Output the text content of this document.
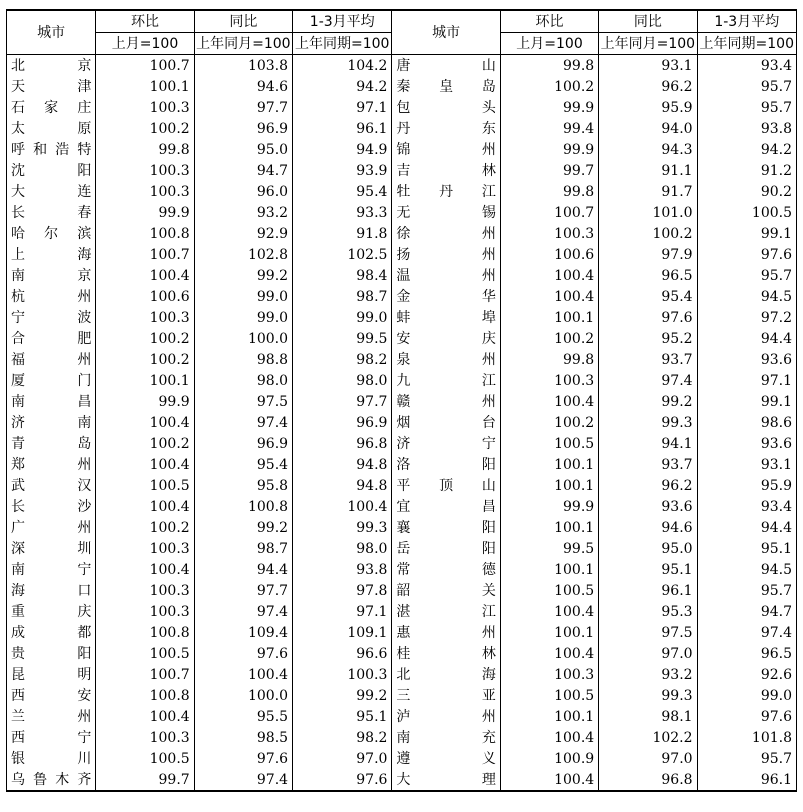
城市	环比	同比	1-3月平均	城市	环比	同比	1-3月平均
	上月=100	上年同月=100	上年同期=100		上月=100	上年同月=100	上年同期=100

北　京	100.7	103.8	104.2	唐　山	99.8	93.1	93.4

天　津	100.1	94.6	94.2	秦皇岛	100.2	96.2	95.7

石家庄	100.3	97.7	97.1	包　头	99.9	95.9	95.7

太　原	100.2	96.9	96.1	丹　东	99.4	94.0	93.8

呼和浩特	99.8	95.0	94.9	锦　州	99.9	94.3	94.2

沈　阳	100.3	94.7	93.9	吉　林	99.7	91.1	91.2

大　连	100.3	96.0	95.4	牡丹江	99.8	91.7	90.2

长　春	99.9	93.2	93.3	无　锡	100.7	101.0	100.5

哈尔滨	100.8	92.9	91.8	徐　州	100.3	100.2	99.1

上　海	100.7	102.8	102.5	扬　州	100.6	97.9	97.6

南　京	100.4	99.2	98.4	温　州	100.4	96.5	95.7

杭　州	100.6	99.0	98.7	金　华	100.4	95.4	94.5

宁　波	100.3	99.0	99.0	蚌　埠	100.1	97.6	97.2

合　肥	100.2	100.0	99.5	安　庆	100.2	95.2	94.4

福　州	100.2	98.8	98.2	泉　州	99.8	93.7	93.6

厦　门	100.1	98.0	98.0	九　江	100.3	97.4	97.1

南　昌	99.9	97.5	97.7	赣　州	100.4	99.2	99.1

济　南	100.4	97.4	96.9	烟　台	100.2	99.3	98.6

青　岛	100.2	96.9	96.8	济　宁	100.5	94.1	93.6

郑　州	100.4	95.4	94.8	洛　阳	100.1	93.7	93.1

武　汉	100.5	95.8	94.8	平顶山	100.1	96.2	95.9

长　沙	100.4	100.8	100.4	宜　昌	99.9	93.6	93.4

广　州	100.2	99.2	99.3	襄　阳	100.1	94.6	94.4

深　圳	100.3	98.7	98.0	岳　阳	99.5	95.0	95.1

南　宁	100.4	94.4	93.8	常　德	100.1	95.1	94.5

海　口	100.3	97.7	97.8	韶　关	100.5	96.1	95.7

重　庆	100.3	97.4	97.1	湛　江	100.4	95.3	94.7

成　都	100.8	109.4	109.1	惠　州	100.1	97.5	97.4

贵　阳	100.5	97.6	96.6	桂　林	100.4	97.0	96.5

昆　明	100.7	100.4	100.3	北　海	100.3	93.2	92.6

西　安	100.8	100.0	99.2	三　亚	100.5	99.3	99.0

兰　州	100.4	95.5	95.1	泸　州	100.1	98.1	97.6

西　宁	100.3	98.5	98.2	南　充	100.4	102.2	101.8

银　川	100.5	97.6	97.0	遵　义	100.9	97.0	95.7

乌鲁木齐	99.7	97.4	97.6	大　理	100.4	96.8	96.1
